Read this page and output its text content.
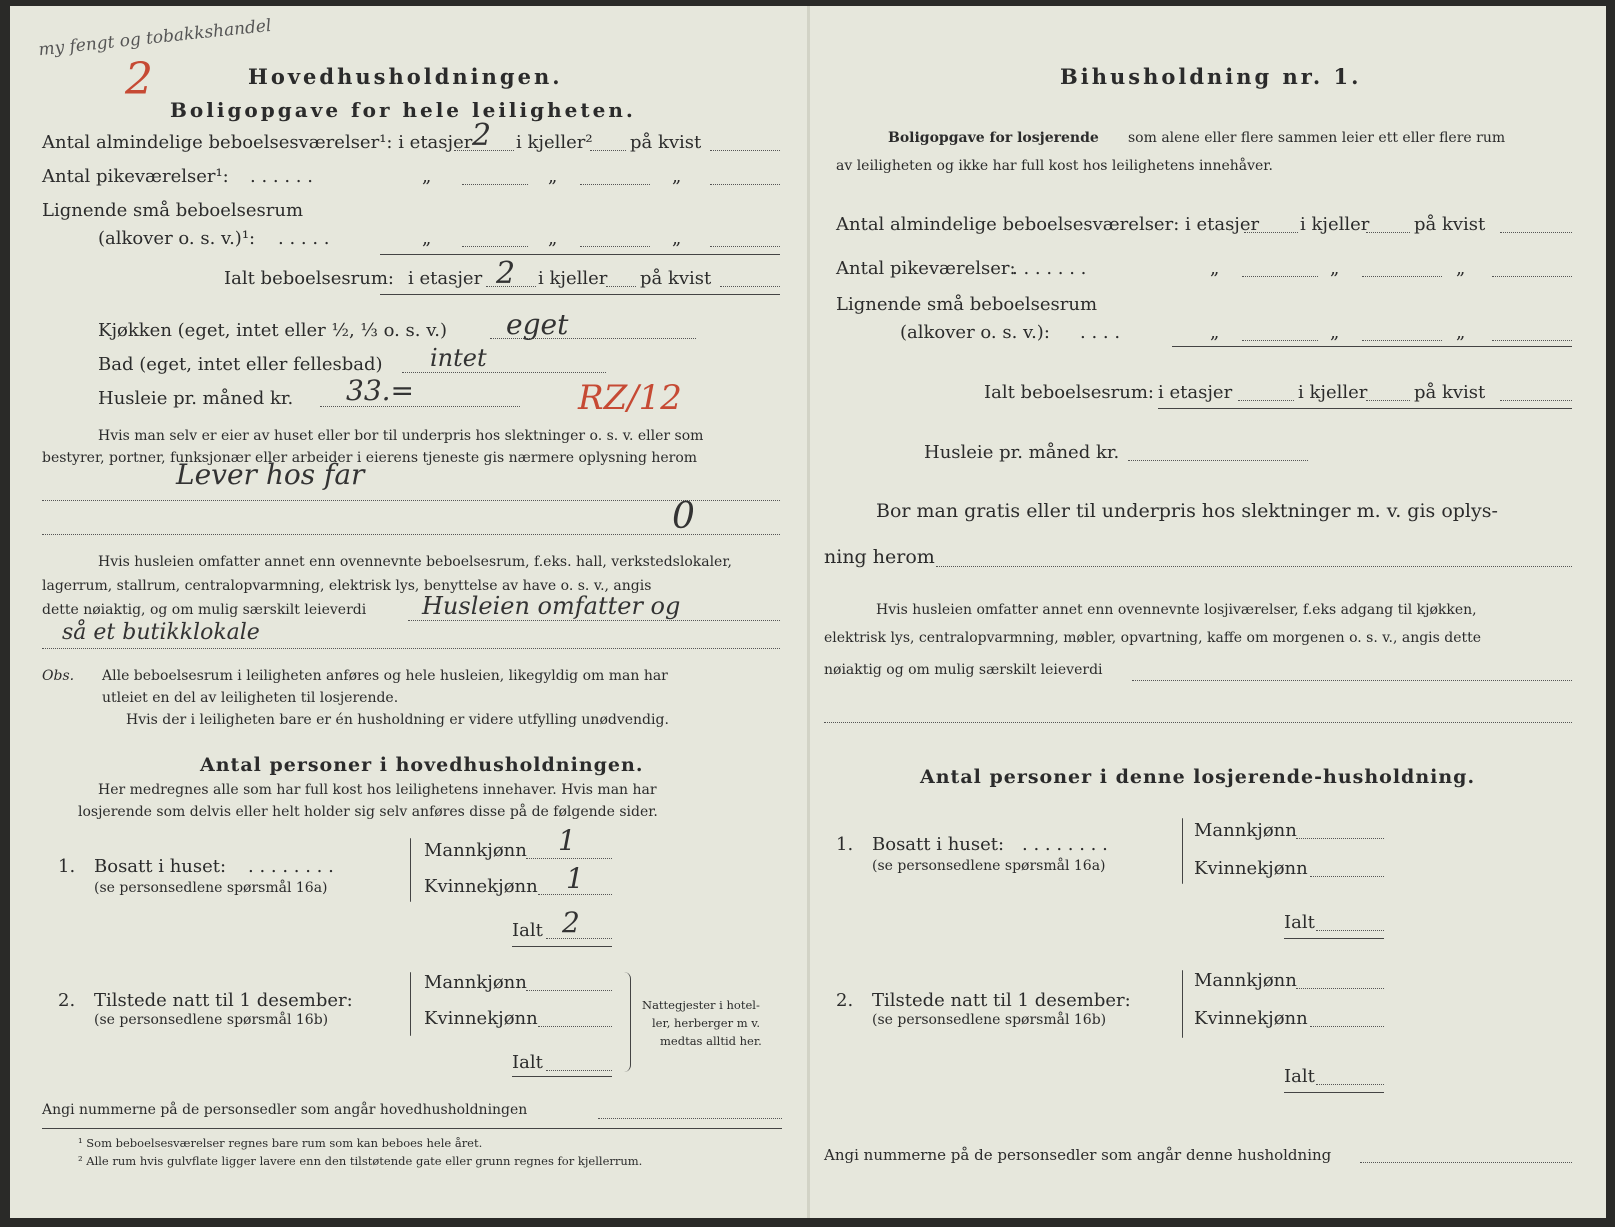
my fengt og tobakkshandel
2	Hovedhusholdningen.
Boligopgave for hele leiligheten.
Antal almindelige beboelsesværelser¹: i etasjer 2 i kjeller² på kvist
Antal pikeværelser¹: . . . . . .	„	„	„
Lignende små beboelsesrum
(alkover o. s. v.)¹: . . . . .	„	„	„
Ialt beboelsesrum: i etasjer 2 i kjeller på kvist
Kjøkken (eget, intet eller ½, ⅓ o. s. v.) eget
Bad (eget, intet eller fellesbad) intet
Husleie pr. måned kr. 33.=	RZ/12
Hvis man selv er eier av huset eller bor til underpris hos slektninger o. s. v. eller som
bestyrer, portner, funksjonær eller arbeider i eierens tjeneste gis nærmere oplysning herom
Lever hos far
0
Hvis husleien omfatter annet enn ovennevnte beboelsesrum, f.eks. hall, verkstedslokaler,
lagerrum, stallrum, centralopvarmning, elektrisk lys, benyttelse av have o. s. v., angis
dette nøiaktig, og om mulig særskilt leieverdi Husleien omfatter og
så et butikklokale
Obs. Alle beboelsesrum i leiligheten anføres og hele husleien, likegyldig om man har
utleiet en del av leiligheten til losjerende.
Hvis der i leiligheten bare er én husholdning er videre utfylling unødvendig.
Antal personer i hovedhusholdningen.
Her medregnes alle som har full kost hos leilighetens innehaver. Hvis man har
losjerende som delvis eller helt holder sig selv anføres disse på de følgende sider.
1. Bosatt i huset: . . . . . . . .
(se personsedlene spørsmål 16a)
Mannkjønn 1
Kvinnekjønn 1
Ialt 2
2. Tilstede natt til 1 desember:
(se personsedlene spørsmål 16b)
Mannkjønn
Kvinnekjønn
Ialt
Nattegjester i hotel-
ler, herberger m v.
medtas alltid her.
Angi nummerne på de personsedler som angår hovedhusholdningen
¹ Som beboelsesværelser regnes bare rum som kan beboes hele året.
² Alle rum hvis gulvflate ligger lavere enn den tilstøtende gate eller grunn regnes for kjellerrum.
Bihusholdning nr. 1.
Boligopgave for losjerende som alene eller flere sammen leier ett eller flere rum
av leiligheten og ikke har full kost hos leilighetens innehåver.
Antal almindelige beboelsesværelser: i etasjer i kjeller på kvist
Antal pikeværelser:
. . . . . . .	„	„	„
Lignende små beboelsesrum
(alkover o. s. v.): . . . .	„	„	„
Ialt beboelsesrum: i etasjer	i kjeller	på kvist
Husleie pr. måned kr.
Bor man gratis eller til underpris hos slektninger m. v. gis oplys-
ning herom
Hvis husleien omfatter annet enn ovennevnte losjiværelser, f.eks adgang til kjøkken,
elektrisk lys, centralopvarmning, møbler, opvartning, kaffe om morgenen o. s. v., angis dette
nøiaktig og om mulig særskilt leieverdi
Antal personer i denne losjerende-husholdning.
1. Bosatt i huset: . . . . . . . .
(se personsedlene spørsmål 16a)
Mannkjønn
Kvinnekjønn
Ialt
2. Tilstede natt til 1 desember:
(se personsedlene spørsmål 16b)
Mannkjønn
Kvinnekjønn
Ialt
Angi nummerne på de personsedler som angår denne husholdning
